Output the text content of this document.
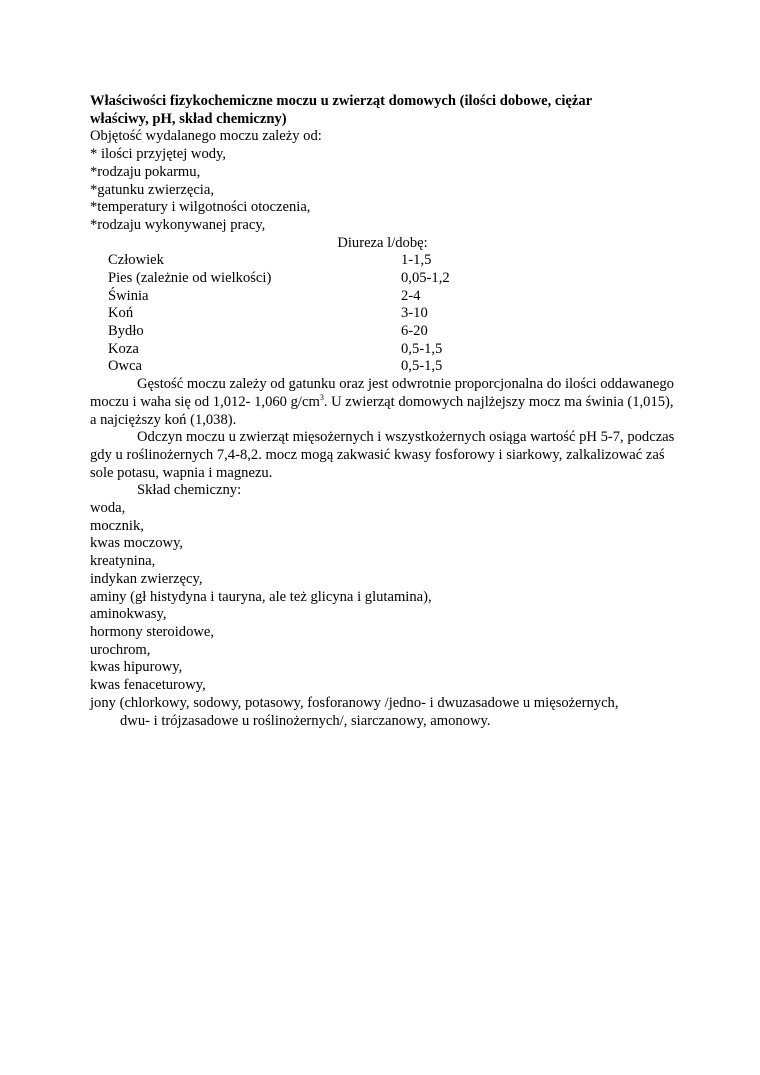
Właściwości fizykochemiczne moczu u zwierząt domowych (ilości dobowe, ciężar
właściwy, pH, skład chemiczny)
Objętość wydalanego moczu zależy od:
* ilości przyjętej wody,
*rodzaju pokarmu,
*gatunku zwierzęcia,
*temperatury i wilgotności otoczenia,
*rodzaju wykonywanej pracy,
Diureza l/dobę:
Człowiek	1-1,5
Pies (zależnie od wielkości)	0,05-1,2
Świnia	2-4
Koń	3-10
Bydło	6-20
Koza	0,5-1,5
Owca	0,5-1,5

Gęstość moczu zależy od gatunku oraz jest odwrotnie proporcjonalna do ilości oddawanego moczu i waha się od 1,012- 1,060 $g/cm^3$. U zwierząt domowych najlżejszy mocz ma świnia (1,015), a najcięższy koń (1,038).

Odczyn moczu u zwierząt mięsożernych i wszystkożernych osiąga wartość pH 5-7, podczas gdy u roślinożernych 7,4-8,2. mocz mogą zakwasić kwasy fosforowy i siarkowy, zalkalizować zaś sole potasu, wapnia i magnezu.

Skład chemiczny:
woda,
mocznik,
kwas moczowy,
kreatynina,
indykan zwierzęcy,
aminy (gł histydyna i tauryna, ale też glicyna i glutamina),
aminokwasy,
hormony steroidowe,
urochrom,
kwas hipurowy,
kwas fenaceturowy,
jony (chlorkowy, sodowy, potasowy, fosforanowy /jedno- i dwuzasadowe u mięsożernych,
dwu- i trójzasadowe u roślinożernych/, siarczanowy, amonowy.
